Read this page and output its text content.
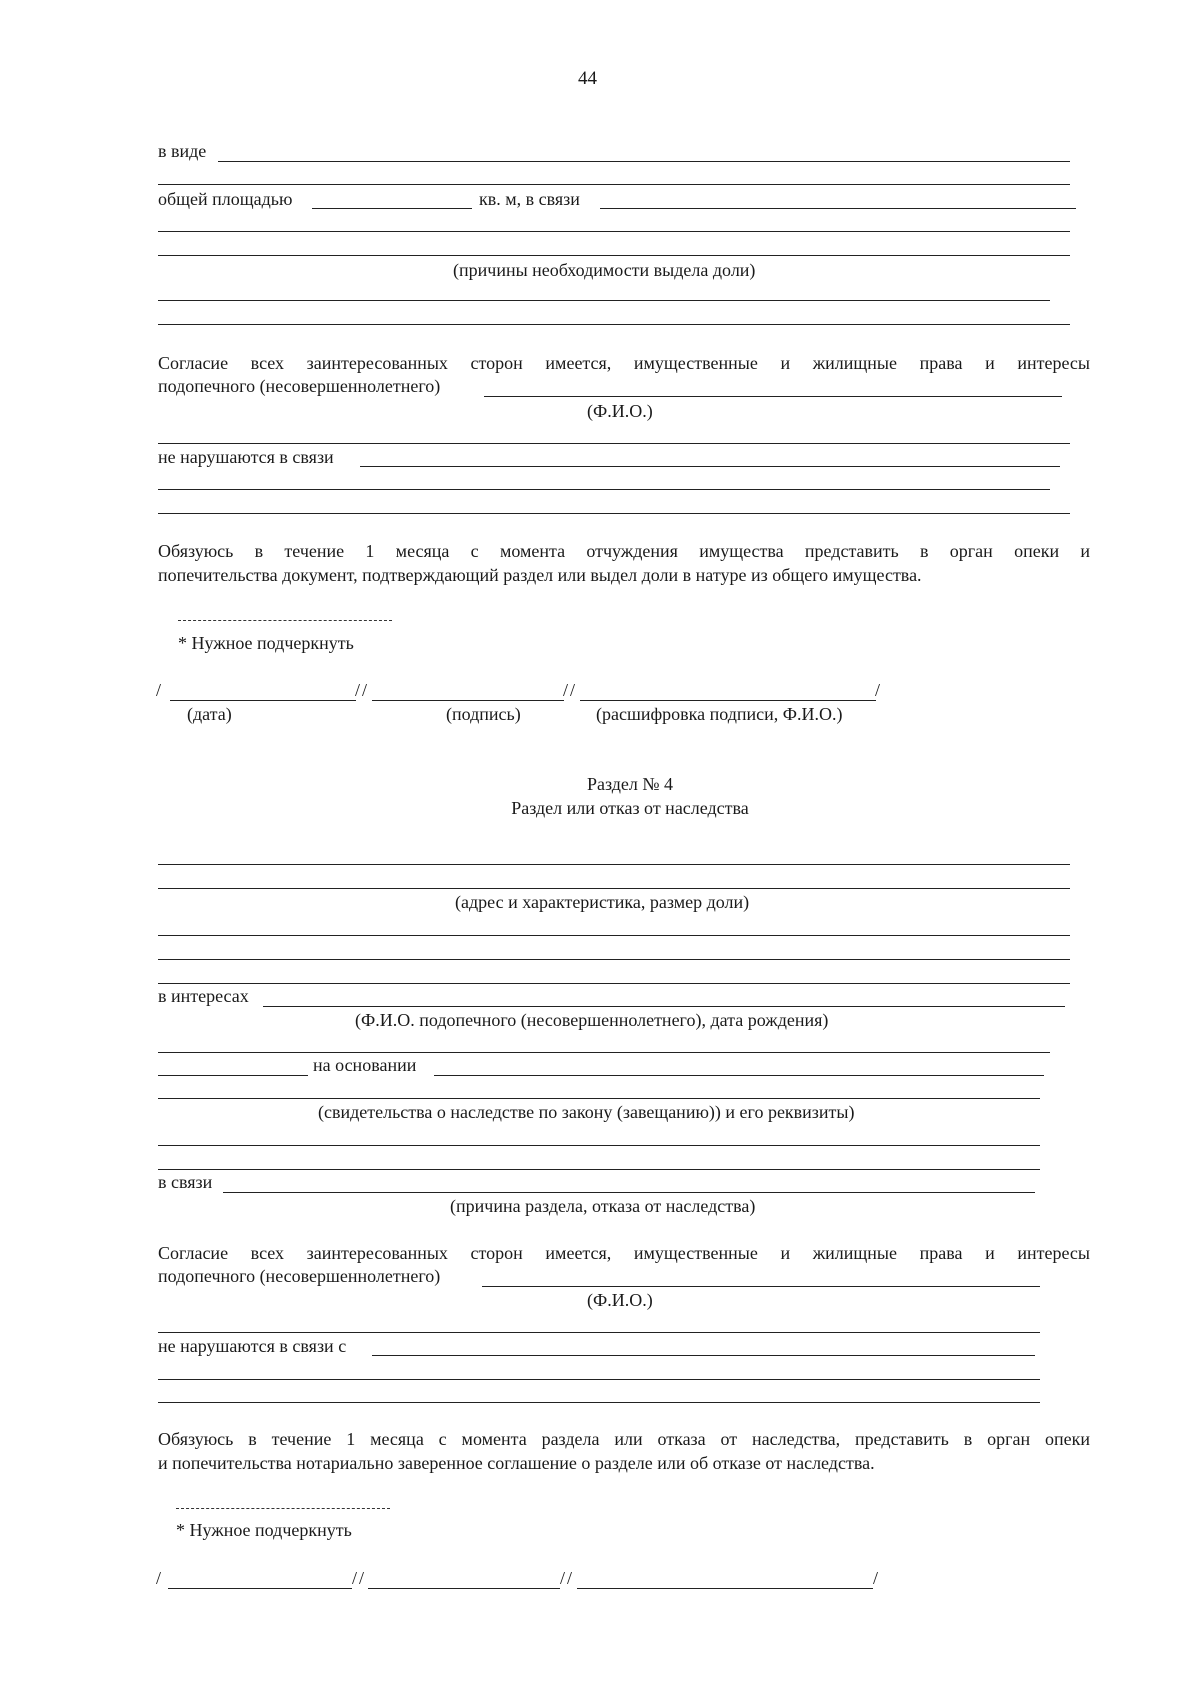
44
в виде
общей площадью	кв. м, в связи
(причины необходимости выдела доли)
Согласие всех заинтересованных сторон имеется, имущественные и жилищные права и интересы
подопечного (несовершеннолетнего)
(Ф.И.О.)
не нарушаются в связи
Обязуюсь в течение 1 месяца с момента отчуждения имущества представить в орган опеки и
попечительства документ, подтверждающий раздел или выдел доли в натуре из общего имущества.
* Нужное подчеркнуть
/	/ /	/ /	/
(дата)	(подпись)	(расшифровка подписи, Ф.И.О.)
Раздел № 4
Раздел или отказ от наследства
(адрес и характеристика, размер доли)
в интересах
(Ф.И.О. подопечного (несовершеннолетнего), дата рождения)
на основании
(свидетельства о наследстве по закону (завещанию)) и его реквизиты)
в связи
(причина раздела, отказа от наследства)
Согласие всех заинтересованных сторон имеется, имущественные и жилищные права и интересы
подопечного (несовершеннолетнего)
(Ф.И.О.)
не нарушаются в связи с
Обязуюсь в течение 1 месяца с момента раздела или отказа от наследства, представить в орган опеки
и попечительства нотариально заверенное соглашение о разделе или об отказе от наследства.
* Нужное подчеркнуть
/	/ /	/ /	/
